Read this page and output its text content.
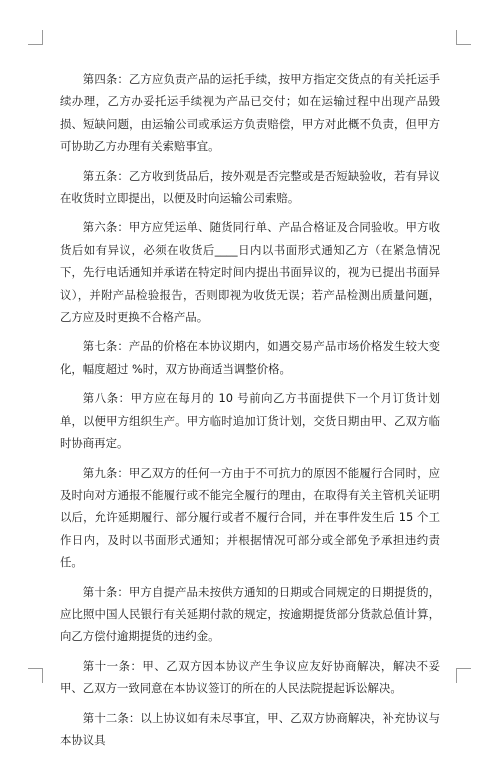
第四条：乙方应负责产品的运托手续，按甲方指定交货点的有关托运手续办理，乙方办妥托运手续视为产品已交付；如在运输过程中出现产品毁损、短缺问题，由运输公司或承运方负责赔偿，甲方对此概不负责，但甲方可协助乙方办理有关索赔事宜。

第五条：乙方收到货品后，按外观是否完整或是否短缺验收，若有异议在收货时立即提出，以便及时向运输公司索赔。

第六条：甲方应凭运单、随货同行单、产品合格证及合同验收。甲方收货后如有异议，必须在收货后____日内以书面形式通知乙方（在紧急情况下，先行电话通知并承诺在特定时间内提出书面异议的，视为已提出书面异议），并附产品检验报告，否则即视为收货无误；若产品检测出质量问题，乙方应及时更换不合格产品。

第七条：产品的价格在本协议期内，如遇交易产品市场价格发生较大变化，幅度超过 %时，双方协商适当调整价格。

第八条：甲方应在每月的 10 号前向乙方书面提供下一个月订货计划单，以便甲方组织生产。甲方临时追加订货计划，交货日期由甲、乙双方临时协商再定。

第九条：甲乙双方的任何一方由于不可抗力的原因不能履行合同时，应及时向对方通报不能履行或不能完全履行的理由，在取得有关主管机关证明以后，允许延期履行、部分履行或者不履行合同，并在事件发生后 15 个工作日内，及时以书面形式通知；并根据情况可部分或全部免予承担违约责任。

第十条：甲方自提产品未按供方通知的日期或合同规定的日期提货的，应比照中国人民银行有关延期付款的规定，按逾期提货部分货款总值计算，向乙方偿付逾期提货的违约金。

第十一条：甲、乙双方因本协议产生争议应友好协商解决，解决不妥甲、乙双方一致同意在本协议签订的所在的人民法院提起诉讼解决。

第十二条：以上协议如有未尽事宜，甲、乙双方协商解决，补充协议与本协议具
